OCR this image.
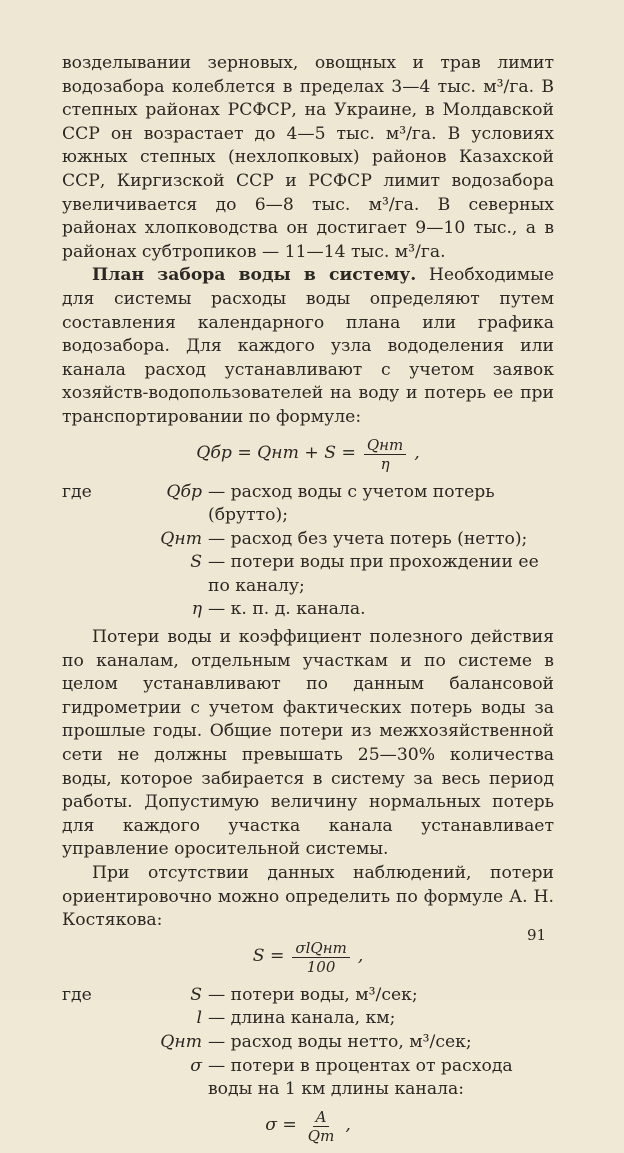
возделывании зерновых, овощных и трав лимит водозабора колеблется в пределах 3—4 тыс. м³/га. В степных районах РСФСР, на Украине, в Молдавской ССР он возрастает до 4—5 тыс. м³/га. В условиях южных степных (нехлопковых) районов Казахской ССР, Киргизской ССР и РСФСР лимит водозабора увеличивается до 6—8 тыс. м³/га. В северных районах хлопководства он достигает 9—10 тыс., а в районах субтропиков — 11—14 тыс. м³/га.

План забора воды в систему. Необходимые для системы расходы воды определяют путем составления календарного плана или графика водозабора. Для каждого узла вододеления или канала расход устанавливают с учетом заявок хозяйств-водопользователей на воду и потерь ее при транспортировании по формуле:

Qбр = Qнт + $S = \frac{\text{Qнт}}{\eta}$ ,
где	Qбр — расход воды с учетом потерь (брутто);
Qнт — расход без учета потерь (нетто);
S — потери воды при прохождении ее по каналу;
η — к. п. д. канала.

Потери воды и коэффициент полезного действия по каналам, отдельным участкам и по системе в целом устанавливают по данным балансовой гидрометрии с учетом фактических потерь воды за прошлые годы. Общие потери из межхозяйственной сети не должны превышать 25—30% количества воды, которое забирается в систему за весь период работы. Допустимую величину нормальных потерь для каждого участка канала устанавливает управление оросительной системы.

При отсутствии данных наблюдений, потери ориентировочно можно определить по формуле А. Н. Костякова:

$S = \frac{\text{σlQнт}}{100}$ ,
где	S — потери воды, м³/сек;
l — длина канала, км;
Qнт — расход воды нетто, м³/сек;
σ — потери в процентах от расхода воды на 1 км длины канала:
$\sigma = \frac{A}{Qm}$ ,
91
